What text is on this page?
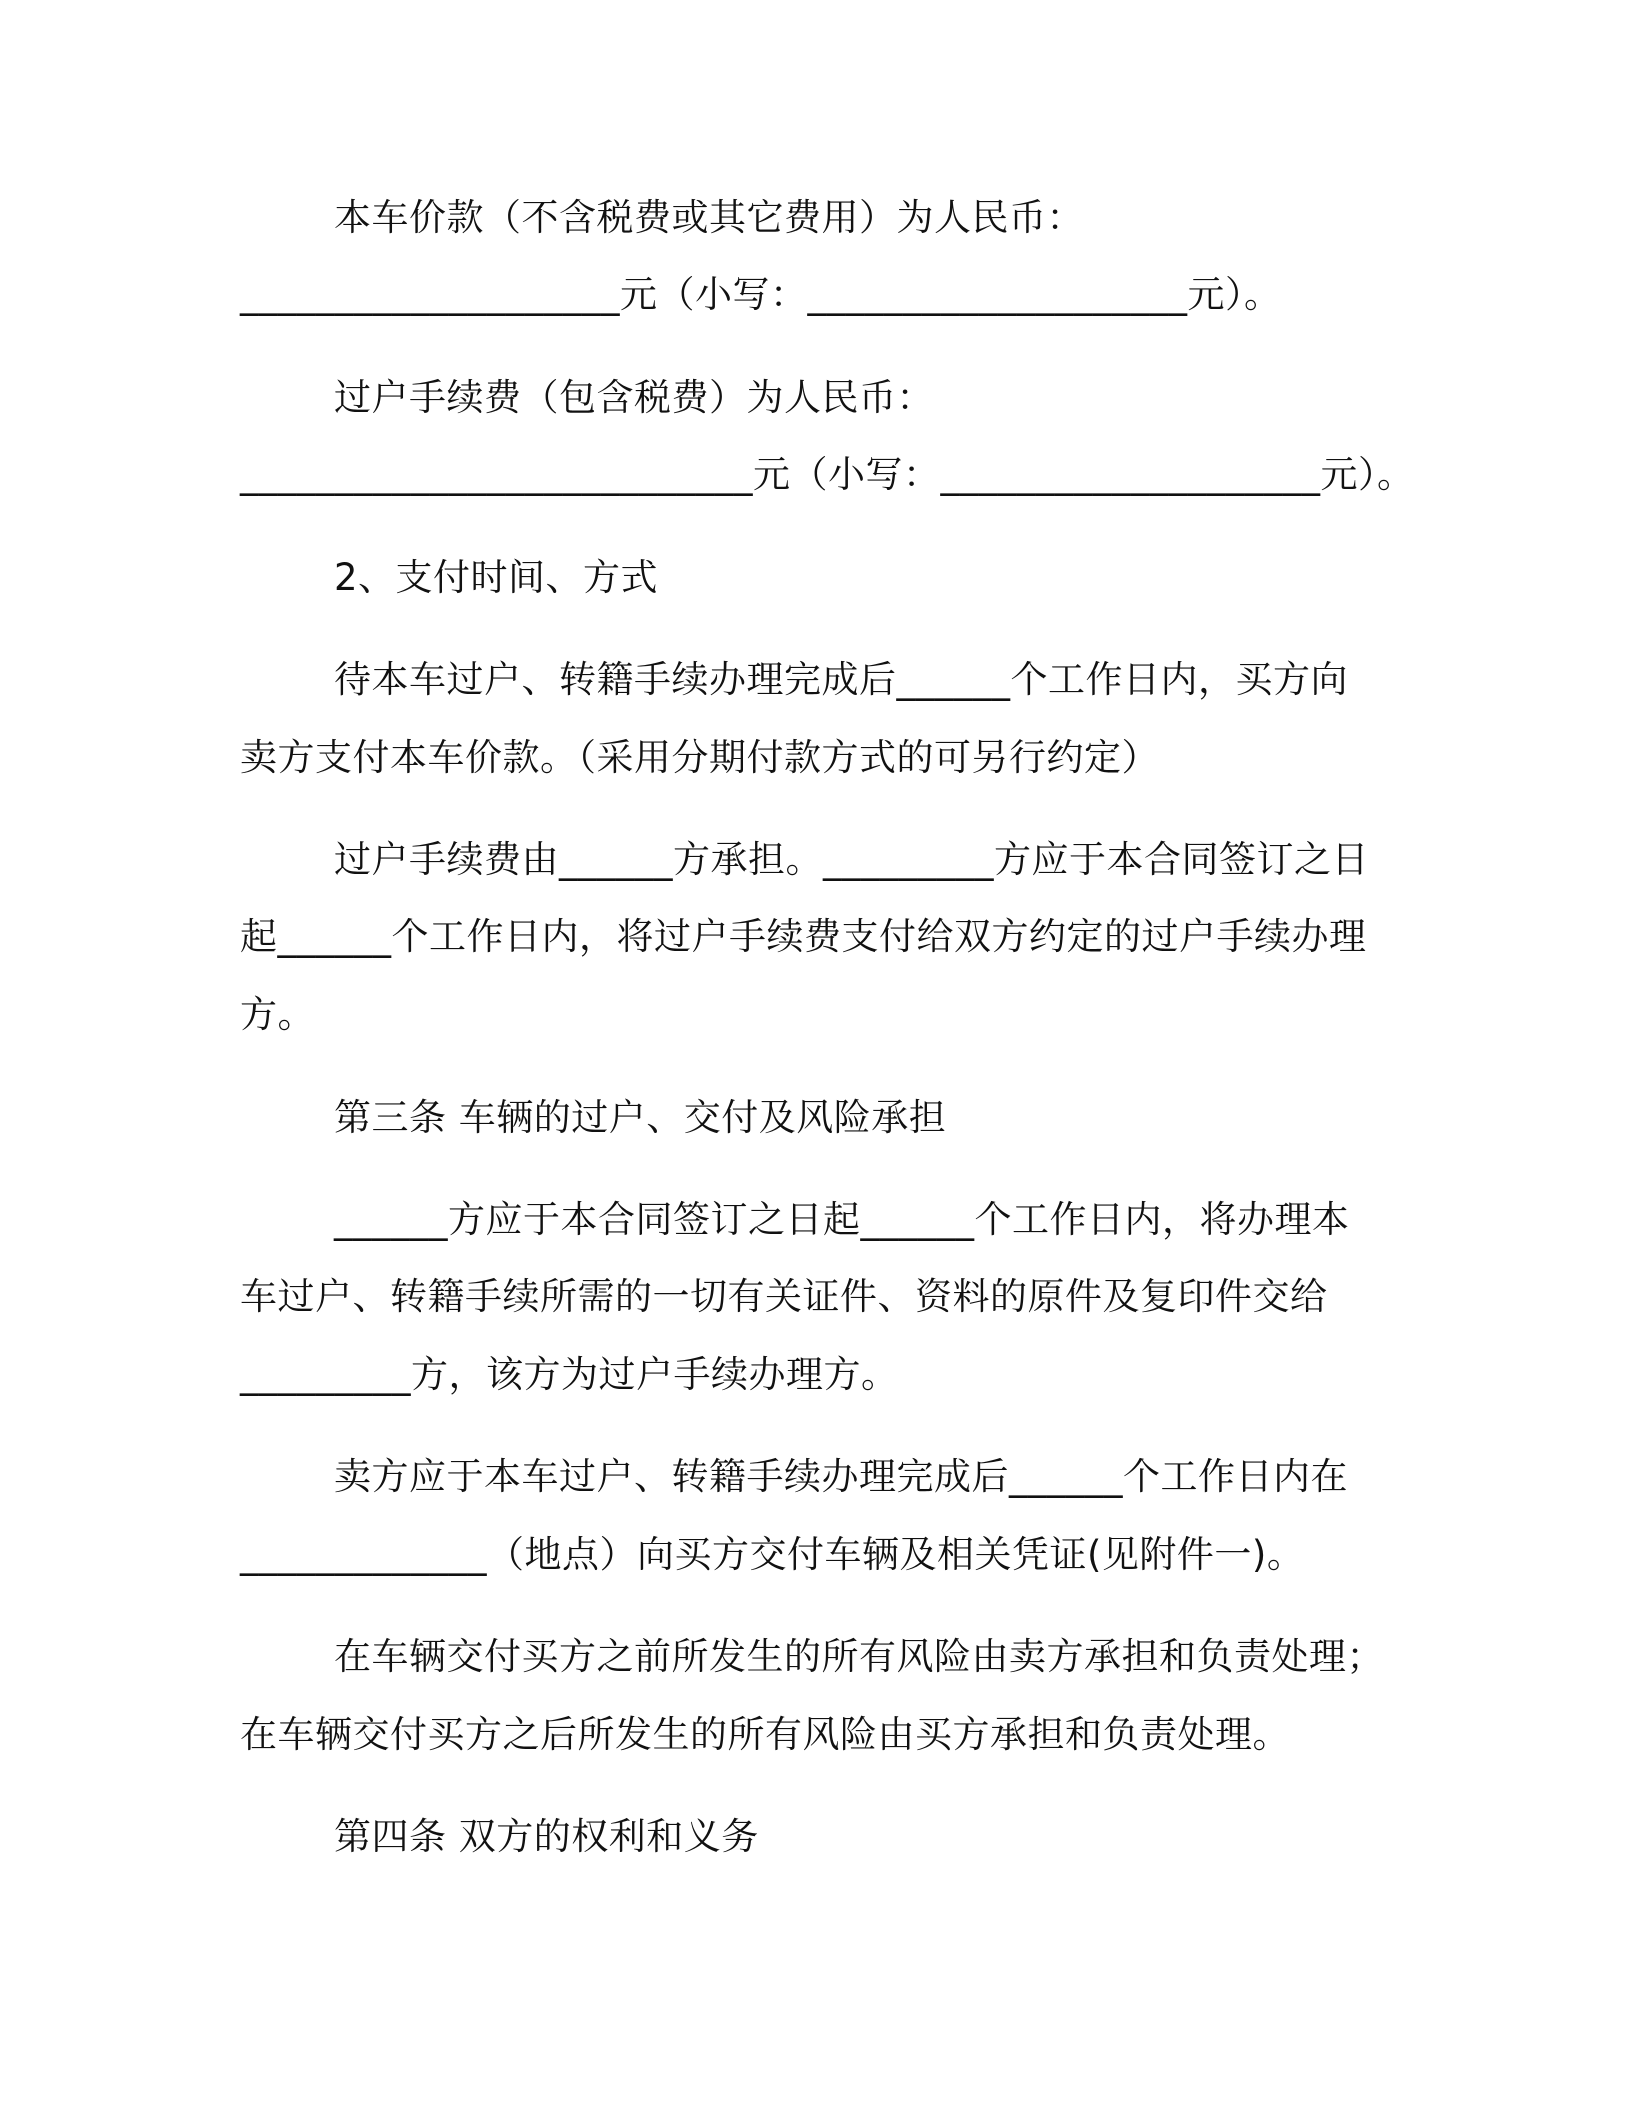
本车价款（不含税费或其它费用）为人民币：
____________________元（小写：____________________元）。
过户手续费（包含税费）为人民币：
___________________________元（小写：____________________元）。
2、支付时间、方式
待本车过户、转籍手续办理完成后______个工作日内，买方向
卖方支付本车价款。（采用分期付款方式的可另行约定）
过户手续费由______方承担。_________方应于本合同签订之日
起______个工作日内，将过户手续费支付给双方约定的过户手续办理
方。
第三条 车辆的过户、交付及风险承担
______方应于本合同签订之日起______个工作日内，将办理本
车过户、转籍手续所需的一切有关证件、资料的原件及复印件交给
_________方，该方为过户手续办理方。
卖方应于本车过户、转籍手续办理完成后______个工作日内在
_____________（地点）向买方交付车辆及相关凭证(见附件一)。
在车辆交付买方之前所发生的所有风险由卖方承担和负责处理；
在车辆交付买方之后所发生的所有风险由买方承担和负责处理。
第四条 双方的权利和义务
